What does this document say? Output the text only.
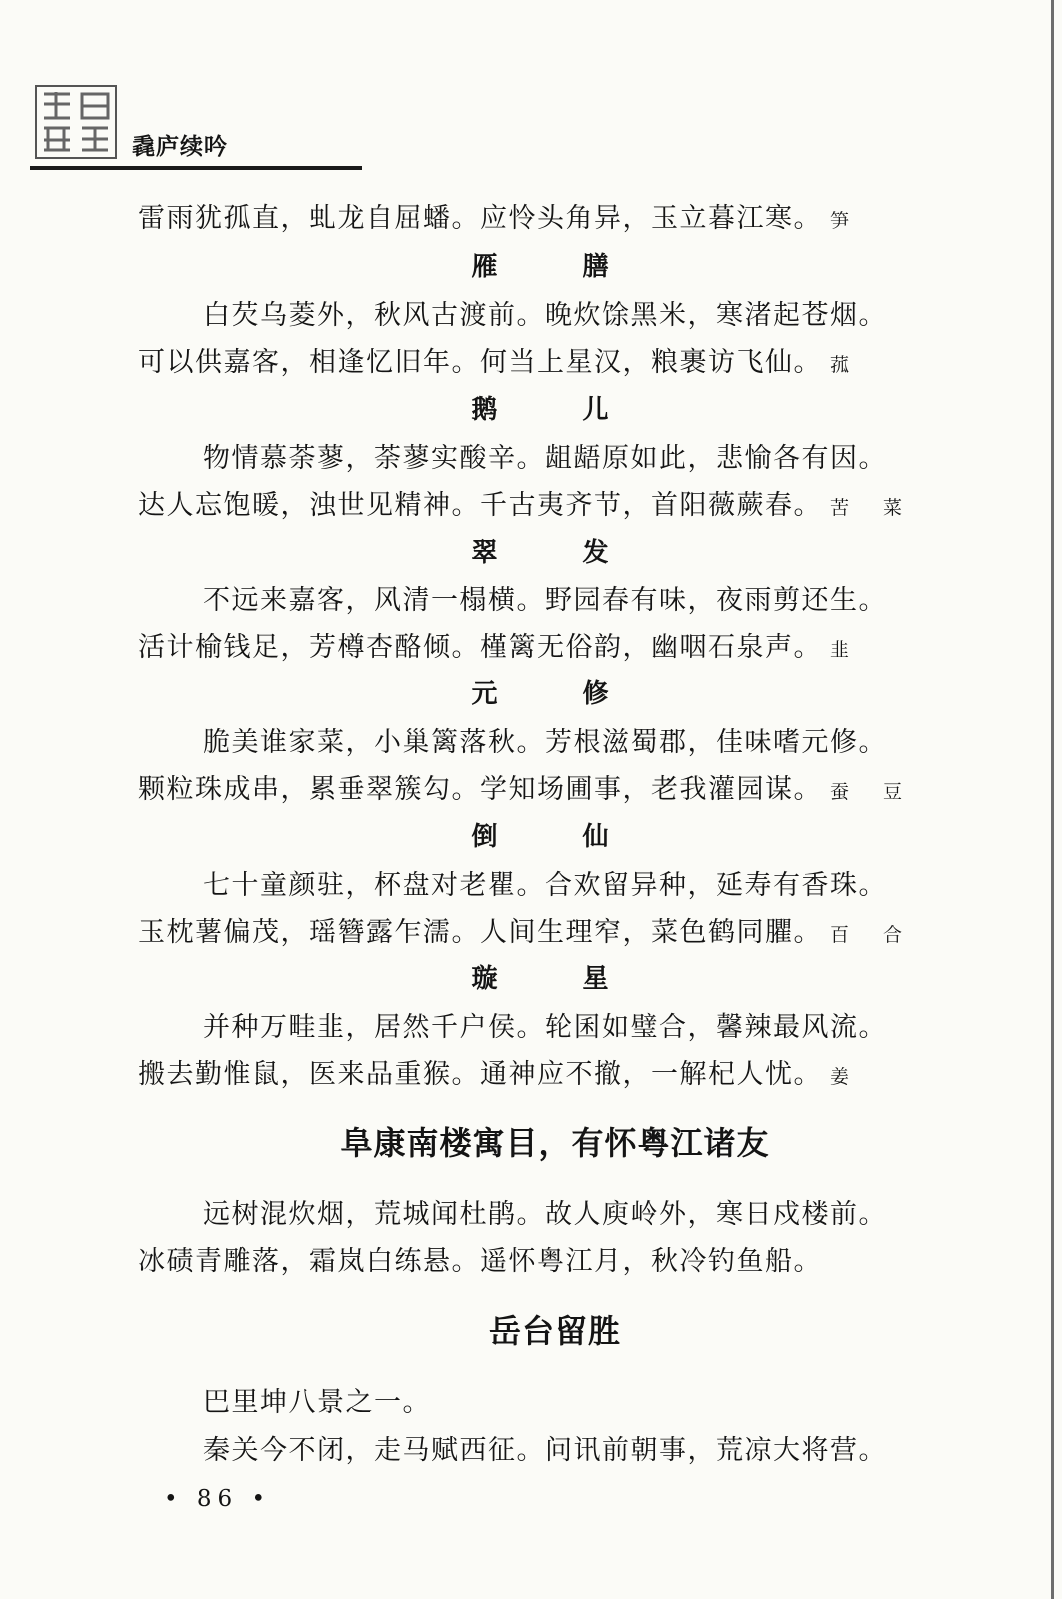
毳庐续吟
雷雨犹孤直，虬龙自屈蟠。应怜头角异，玉立暮江寒。 笋
雁 膳
白芡乌菱外，秋风古渡前。晚炊馀黑米，寒渚起苍烟。
可以供嘉客，相逢忆旧年。何当上星汉，粮裹访飞仙。 菰
鹅 儿
物情慕荼蓼，荼蓼实酸辛。龃龉原如此，悲愉各有因。
达人忘饱暖，浊世见精神。千古夷齐节，首阳薇蕨春。 苦 菜
翠 发
不远来嘉客，风清一榻横。野园春有味，夜雨剪还生。
活计榆钱足，芳樽杏酪倾。槿篱无俗韵，幽咽石泉声。 韭
元 修
脆美谁家菜，小巢篱落秋。芳根滋蜀郡，佳味嗜元修。
颗粒珠成串，累垂翠簇勾。学知场圃事，老我灌园谋。 蚕 豆
倒 仙
七十童颜驻，杯盘对老瞿。合欢留异种，延寿有香珠。
玉枕薯偏茂，瑶簪露乍濡。人间生理窄，菜色鹤同臞。 百 合
璇 星
并种万畦韭，居然千户侯。轮囷如璧合，馨辣最风流。
搬去勤惟鼠，医来品重猴。通神应不撤，一解杞人忧。 姜
阜康南楼寓目，有怀粤江诸友
远树混炊烟，荒城闻杜鹃。故人庾岭外，寒日戍楼前。
冰碛青雕落，霜岚白练悬。遥怀粤江月，秋冷钓鱼船。
岳台留胜
巴里坤八景之一。
秦关今不闭，走马赋西征。问讯前朝事，荒凉大将营。
• 86 •
